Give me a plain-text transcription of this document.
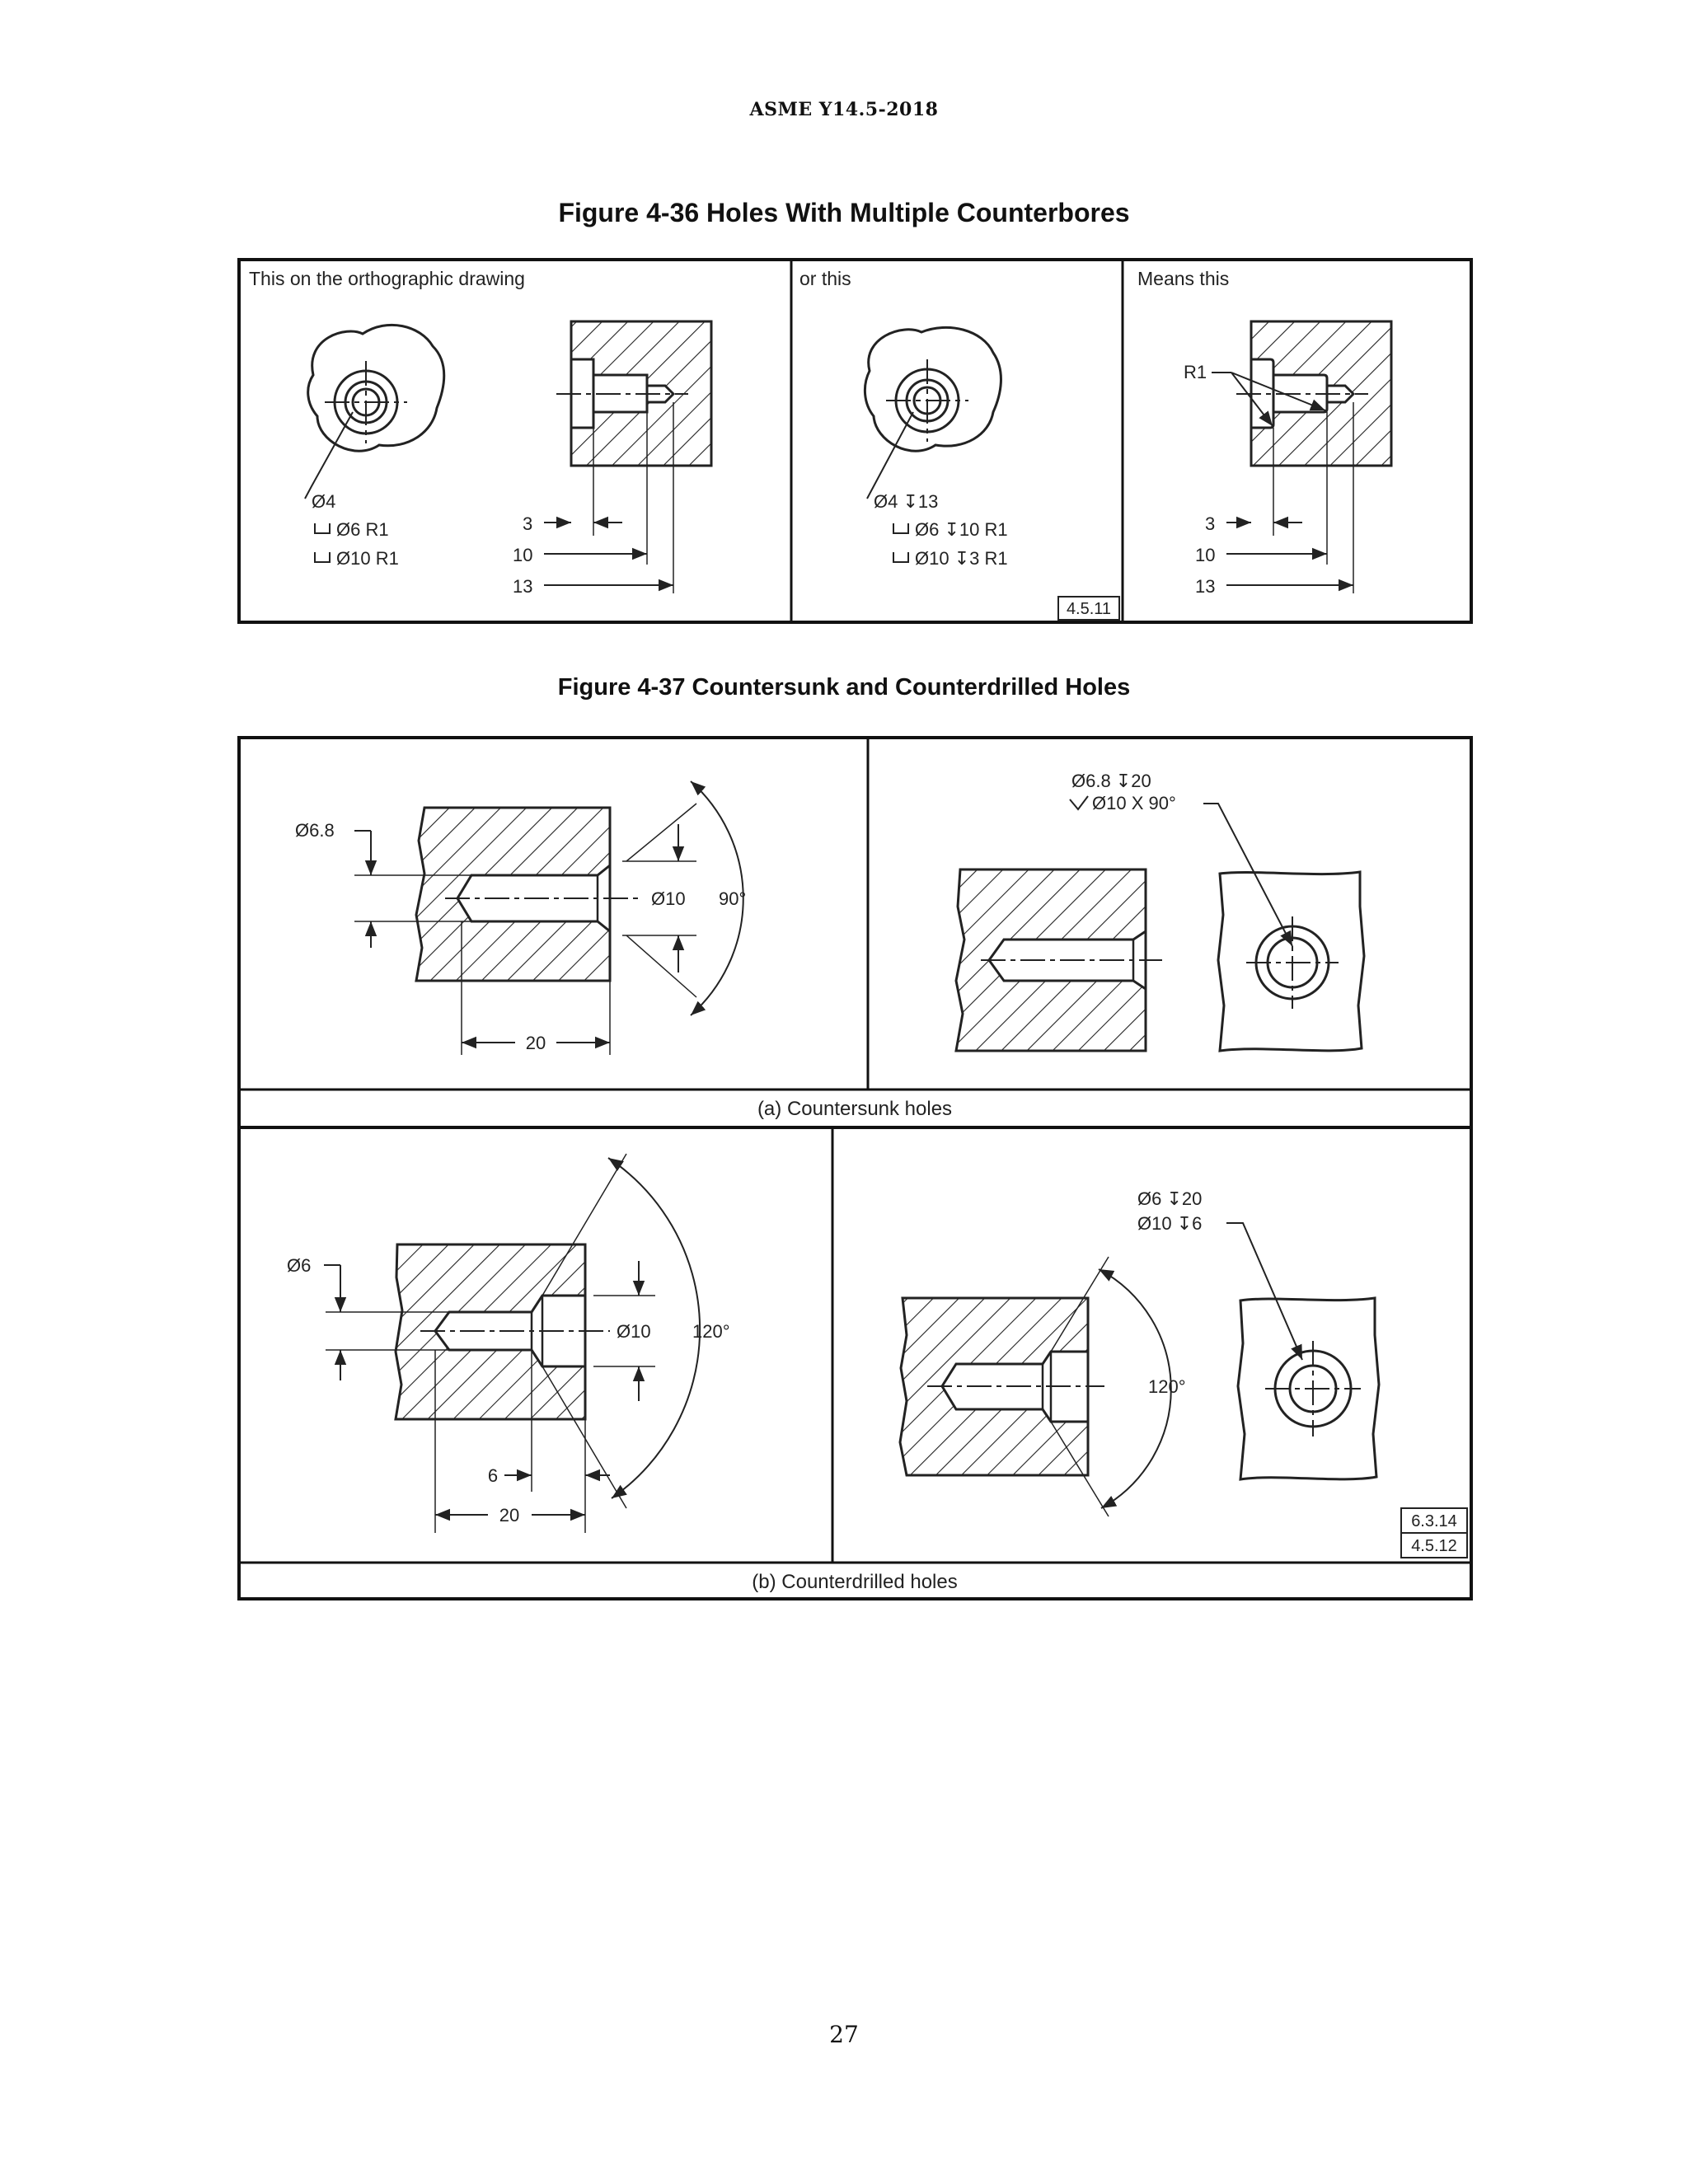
ASME Y14.5-2018
Figure 4-36 Holes With Multiple Counterbores
Figure 4-37 Countersunk and Counterdrilled Holes
This on the orthographic drawing
Ø4
Ø6 R1
Ø10 R1
3
10
13
or this
Ø4 ↧13
Ø6 ↧10 R1
Ø10 ↧3 R1
4.5.11
Means this
R1
3
10
13
(a) Countersunk holes
(b) Counterdrilled holes
Ø6.8
Ø10 90°
20
Ø6.8 ↧20
Ø10 X 90°
Ø6
Ø10 120°
6
20
Ø6 ↧20
Ø10 ↧6
120°
6.3.14
4.5.12
27
